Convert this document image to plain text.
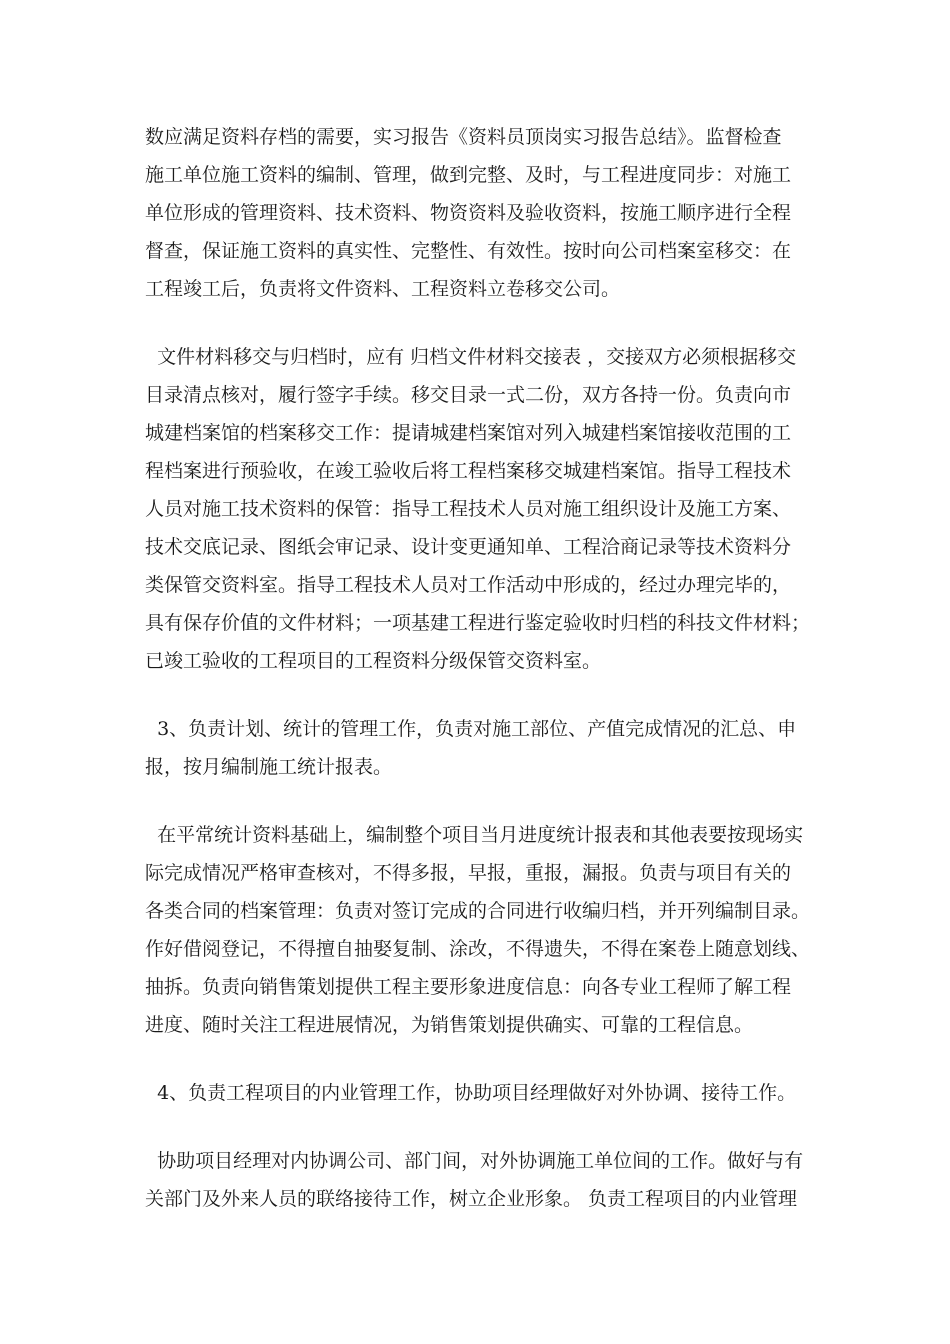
数应满足资料存档的需要，实习报告《资料员顶岗实习报告总结》。监督检查
施工单位施工资料的编制、管理，做到完整、及时，与工程进度同步：对施工
单位形成的管理资料、技术资料、物资资料及验收资料，按施工顺序进行全程
督查，保证施工资料的真实性、完整性、有效性。按时向公司档案室移交：在
工程竣工后，负责将文件资料、工程资料立卷移交公司。
文件材料移交与归档时，应有 归档文件材料交接表 ，交接双方必须根据移交
目录清点核对，履行签字手续。移交目录一式二份，双方各持一份。负责向市
城建档案馆的档案移交工作：提请城建档案馆对列入城建档案馆接收范围的工
程档案进行预验收，在竣工验收后将工程档案移交城建档案馆。指导工程技术
人员对施工技术资料的保管：指导工程技术人员对施工组织设计及施工方案、
技术交底记录、图纸会审记录、设计变更通知单、工程洽商记录等技术资料分
类保管交资料室。指导工程技术人员对工作活动中形成的，经过办理完毕的，
具有保存价值的文件材料；一项基建工程进行鉴定验收时归档的科技文件材料；
已竣工验收的工程项目的工程资料分级保管交资料室。
3、负责计划、统计的管理工作，负责对施工部位、产值完成情况的汇总、申
报，按月编制施工统计报表。
在平常统计资料基础上，编制整个项目当月进度统计报表和其他表要按现场实
际完成情况严格审查核对，不得多报，早报，重报，漏报。负责与项目有关的
各类合同的档案管理：负责对签订完成的合同进行收编归档，并开列编制目录。
作好借阅登记，不得擅自抽娶复制、涂改，不得遗失，不得在案卷上随意划线、
抽拆。负责向销售策划提供工程主要形象进度信息：向各专业工程师了解工程
进度、随时关注工程进展情况，为销售策划提供确实、可靠的工程信息。
4、负责工程项目的内业管理工作，协助项目经理做好对外协调、接待工作。
协助项目经理对内协调公司、部门间，对外协调施工单位间的工作。做好与有
关部门及外来人员的联络接待工作，树立企业形象。 负责工程项目的内业管理
